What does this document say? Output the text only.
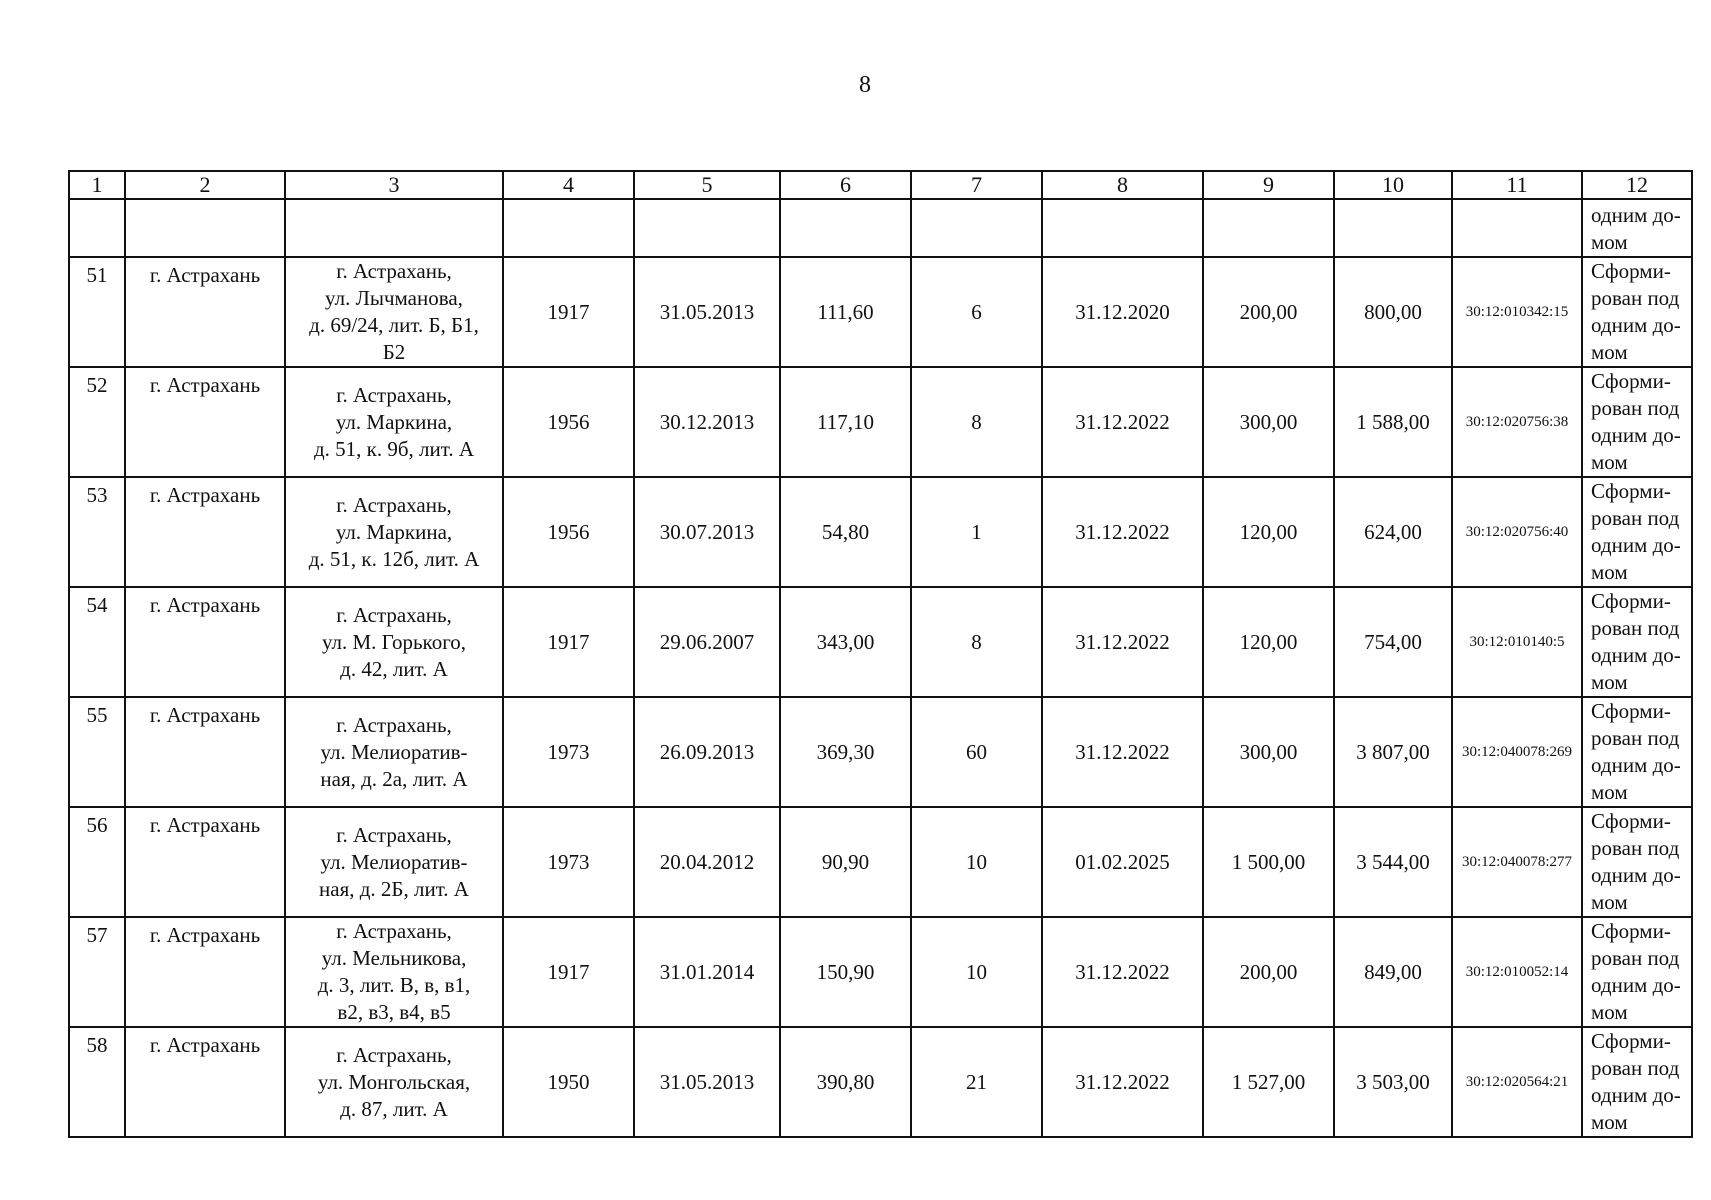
8
1	2	3	4	5	6	7	8	9	10	11	12

											одним до-
мом

51	г. Астрахань	г. Астрахань,
ул. Лычманова,
д. 69/24, лит. Б, Б1,
Б2	1917	31.05.2013	111,60	6	31.12.2020	200,00	800,00	30:12:010342:15	Сформи-
рован под
одним до-
мом

52	г. Астрахань	г. Астрахань,
ул. Маркина,
д. 51, к. 9б, лит. А	1956	30.12.2013	117,10	8	31.12.2022	300,00	1 588,00	30:12:020756:38	Сформи-
рован под
одним до-
мом

53	г. Астрахань	г. Астрахань,
ул. Маркина,
д. 51, к. 12б, лит. А	1956	30.07.2013	54,80	1	31.12.2022	120,00	624,00	30:12:020756:40	Сформи-
рован под
одним до-
мом

54	г. Астрахань	г. Астрахань,
ул. М. Горького,
д. 42, лит. А	1917	29.06.2007	343,00	8	31.12.2022	120,00	754,00	30:12:010140:5	Сформи-
рован под
одним до-
мом

55	г. Астрахань	г. Астрахань,
ул. Мелиоратив-
ная, д. 2а, лит. А	1973	26.09.2013	369,30	60	31.12.2022	300,00	3 807,00	30:12:040078:269	Сформи-
рован под
одним до-
мом

56	г. Астрахань	г. Астрахань,
ул. Мелиоратив-
ная, д. 2Б, лит. А	1973	20.04.2012	90,90	10	01.02.2025	1 500,00	3 544,00	30:12:040078:277	Сформи-
рован под
одним до-
мом

57	г. Астрахань	г. Астрахань,
ул. Мельникова,
д. 3, лит. В, в, в1,
в2, в3, в4, в5	1917	31.01.2014	150,90	10	31.12.2022	200,00	849,00	30:12:010052:14	Сформи-
рован под
одним до-
мом

58	г. Астрахань	г. Астрахань,
ул. Монгольская,
д. 87, лит. А	1950	31.05.2013	390,80	21	31.12.2022	1 527,00	3 503,00	30:12:020564:21	Сформи-
рован под
одним до-
мом
